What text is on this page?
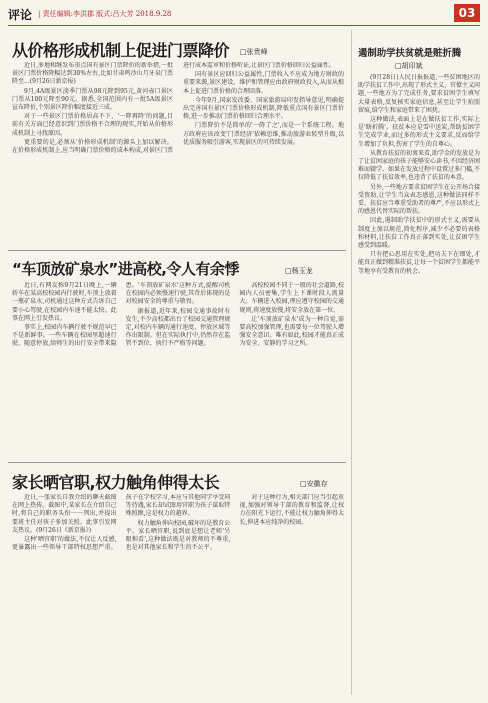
评论 | 责任编辑:李洪郡 版式:吕大芳 2018.9.28	03
从价格形成机制上促进门票降价 □张贵峰

近日,多地相继发布重点国有景区门票降价的新举措,一批景区门票价格降幅达到30%左右,比如甘肃鸣沙山月牙泉门票降至...(9月26日新京报)

9月,4A级景区淡季门票从98元降到95元,黄河壶口景区门票从100元降至90元。据悉,全国范围内有一批5A级景区宣布降价,个别景区降价幅度接近三成。

对于一些景区门票价格居高不下、'一降再降'的问题,目前有关方面已经意识到门票价格不合理的现实,开始从价格形成机制上寻找原因。

更重要的是,必须从'价格形成机制'的源头上加以解决。在价格形成机制上,应当明确门票价格的成本构成,对景区门票进行成本监审和价格听证,让景区门票价格回归公益属性。

国有景区应回归公益属性,门票收入不应成为地方财政的重要来源,景区建设、维护和管理应由政府财政投入,从而从根本上促进门票价格的合理回落。

今年9月,国家发改委、国家旅游局印发指导意见,明确提出完善国有景区门票价格形成机制,降低重点国有景区门票价格,进一步推动门票价格回归合理水平。

门票降价不是简单的'一降了之',而是一个系统工程。地方政府应该改变'门票经济'依赖思维,推动旅游业转型升级,以优质服务吸引游客,实现景区的可持续发展。

“车顶放矿泉水”进高校,令人有余悸	□杨玉龙

近日,有网友称9月21日晚上,一辆轿车在某高校校园内行驶时,车顶上放着一瓶矿泉水,司机通过这种方式告诉自己要小心驾驶,在校园内车速不能太快。此事在网上引发热议。

事实上,校园内车辆行驶不规范早已不是新鲜事。一些车辆在校园里超速行驶、随意停放,给师生的出行安全带来隐患。'车顶放矿泉水'这种方式,提醒司机在校园内必须慢速行驶,其背后体现的是对校园安全的尊重与敬畏。

据报道,近年来,校园交通事故时有发生,不少高校都出台了校园交通管理规定,对校内车辆的通行速度、停放区域等作出限制。但在实际执行中,仍然存在监管不到位、执行不严格等问题。

高校校园不同于一般的社会道路,校园内人员密集,学生上下课时段人流量大。车辆进入校园,理应遵守校园的交通规则,将速度放慢,将安全放在第一位。

让'车顶放矿泉水'成为一种自觉,需要高校加强管理,也需要每一位驾驶人增强安全意识。唯有如此,校园才能真正成为安全、安静的学习之所。

家长晒官职,权力触角伸得太长	□安徽存

近日,一张家长自我介绍的聊天截图在网上热传。截图中,某家长在介绍自己时,将自己的职务头衔一一列出,并提出要班主任对孩子多加关照。此事引发网友热议。(9月26日《新京报》)

这种'晒官职'的做法,不仅让人反感,更暴露出一些领导干部特权思想严重。孩子在学校学习,本应与其他同学享受同等待遇,家长却试图用官职为孩子谋取特殊照顾,这是权力的越界。

权力触角伸向校园,破坏的是教育公平。家长晒官职,说到底是想让老师'另眼相看',这种做法既是对教师的不尊重,也是对其他家长和学生的不公平。

对于这种行为,相关部门应当引起重视,加强对领导干部的教育和监督,让权力在阳光下运行,不能让权力触角伸得太长,伸进本应纯净的校园。

遏制助学扶贫就是赃折腾
□胡印斌

(9月28日)人民日报报道,一些贫困地区的助学扶贫工作中,出现了形式主义、官僚主义问题,一些地方为了完成任务,要求贫困学生填写大量表格,反复核实家庭信息,甚至让学生拍照留痕,给学生和家庭带来了困扰。

这种做法,表面上是在做扶贫工作,实际上是'瞎折腾'。扶贫本应是雪中送炭,帮助贫困学生完成学业,而过多的形式主义要求,反而给学生增加了负担,伤害了学生的自尊心。

从教育扶贫的初衷来看,助学金的发放是为了让贫困家庭的孩子能够安心读书,不因经济困难而辍学。如果在发放过程中设置过多门槛,不仅降低了扶贫效率,也违背了扶贫的本意。

另外,一些地方要求贫困学生在公开场合接受资助,让学生当众表态感恩,这种做法同样不妥。扶贫应当尊重受助者的尊严,不应以形式上的感恩代替实际的帮扶。

因此,遏制助学扶贫中的形式主义,需要从制度上加以规范,简化程序,减少不必要的表格和材料,让扶贫工作真正落到实处,让贫困学生感受到温暖。

只有把心思用在实处,把功夫下在细处,才能真正做到精准扶贫,让每一个贫困学生都能平等地享有受教育的机会。
